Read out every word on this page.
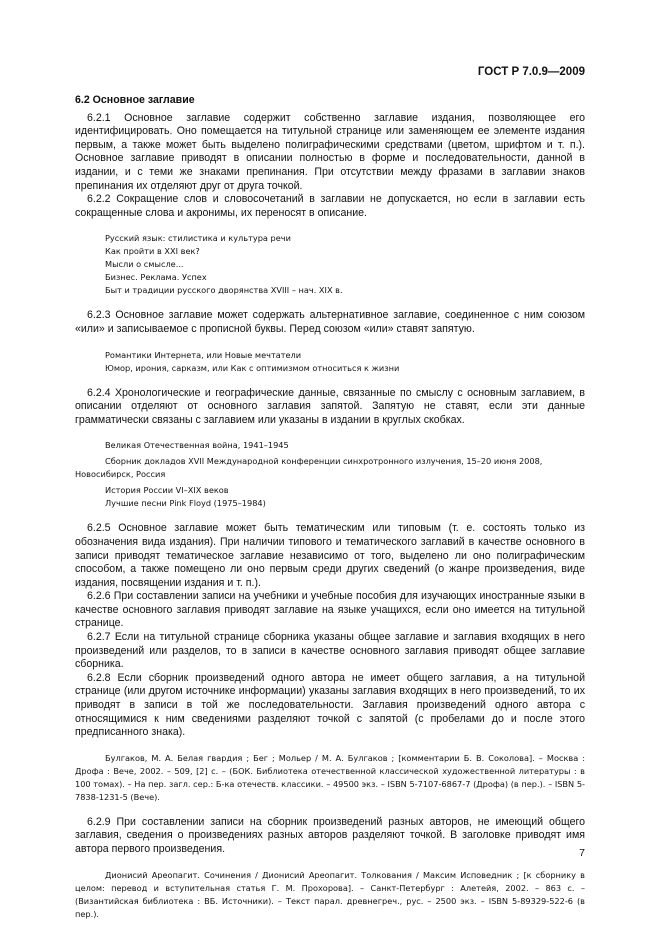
ГОСТ Р 7.0.9—2009
6.2 Основное заглавие

6.2.1 Основное заглавие содержит собственно заглавие издания, позволяющее его идентифицировать. Оно помещается на титульной странице или заменяющем ее элементе издания первым, а также может быть выделено полиграфическими средствами (цветом, шрифтом и т. п.). Основное заглавие приводят в описании полностью в форме и последовательности, данной в издании, и с теми же знаками препинания. При отсутствии между фразами в заглавии знаков препинания их отделяют друг от друга точкой.

6.2.2 Сокращение слов и словосочетаний в заглавии не допускается, но если в заглавии есть сокращенные слова и акронимы, их переносят в описание.

Русский язык: стилистика и культура речи
Как пройти в XXI век?
Мысли о смысле...
Бизнес. Реклама. Успех
Быт и традиции русского дворянства XVIII – нач. XIX в.

6.2.3 Основное заглавие может содержать альтернативное заглавие, соединенное с ним союзом «или» и записываемое с прописной буквы. Перед союзом «или» ставят запятую.

Романтики Интернета, или Новые мечтатели
Юмор, ирония, сарказм, или Как с оптимизмом относиться к жизни

6.2.4 Хронологические и географические данные, связанные по смыслу с основным заглавием, в описании отделяют от основного заглавия запятой. Запятую не ставят, если эти данные грамматически связаны с заглавием или указаны в издании в круглых скобках.

Великая Отечественная война, 1941–1945
Сборник докладов XVII Международной конференции синхротронного излучения, 15–20 июня 2008,
Новосибирск, Россия
История России VI–XIX веков
Лучшие песни Pink Floyd (1975–1984)

6.2.5 Основное заглавие может быть тематическим или типовым (т. е. состоять только из обозначения вида издания). При наличии типового и тематического заглавий в качестве основного в записи приводят тематическое заглавие независимо от того, выделено ли оно полиграфическим способом, а также помещено ли оно первым среди других сведений (о жанре произведения, виде издания, посвящении издания и т. п.).

6.2.6 При составлении записи на учебники и учебные пособия для изучающих иностранные языки в качестве основного заглавия приводят заглавие на языке учащихся, если оно имеется на титульной странице.

6.2.7 Если на титульной странице сборника указаны общее заглавие и заглавия входящих в него произведений или разделов, то в записи в качестве основного заглавия приводят общее заглавие сборника.

6.2.8 Если сборник произведений одного автора не имеет общего заглавия, а на титульной странице (или другом источнике информации) указаны заглавия входящих в него произведений, то их приводят в записи в той же последовательности. Заглавия произведений одного автора с относящимися к ним сведениями разделяют точкой с запятой (с пробелами до и после этого предписанного знака).

Булгаков, М. А. Белая гвардия ; Бег ; Мольер / М. А. Булгаков ; [комментарии Б. В. Соколова]. – Москва : Дрофа : Вече, 2002. – 509, [2] с. – (БОК. Библиотека отечественной классической художественной литературы : в 100 томах). – На пер. загл. сер.: Б-ка отечеств. классики. – 49500 экз. – ISBN 5-7107-6867-7 (Дрофа) (в пер.). – ISBN 5-7838-1231-5 (Вече).

6.2.9 При составлении записи на сборник произведений разных авторов, не имеющий общего заглавия, сведения о произведениях разных авторов разделяют точкой. В заголовке приводят имя автора первого произведения.

Дионисий Ареопагит. Сочинения / Дионисий Ареопагит. Толкования / Максим Исповедник ; [к сборнику в целом: перевод и вступительная статья Г. М. Прохорова]. – Санкт-Петербург : Алетейя, 2002. – 863 с. – (Византийская библиотека : ВБ. Источники). – Текст парал. древнегреч., рус. – 2500 экз. – ISBN 5-89329-522-6 (в пер.).
7
